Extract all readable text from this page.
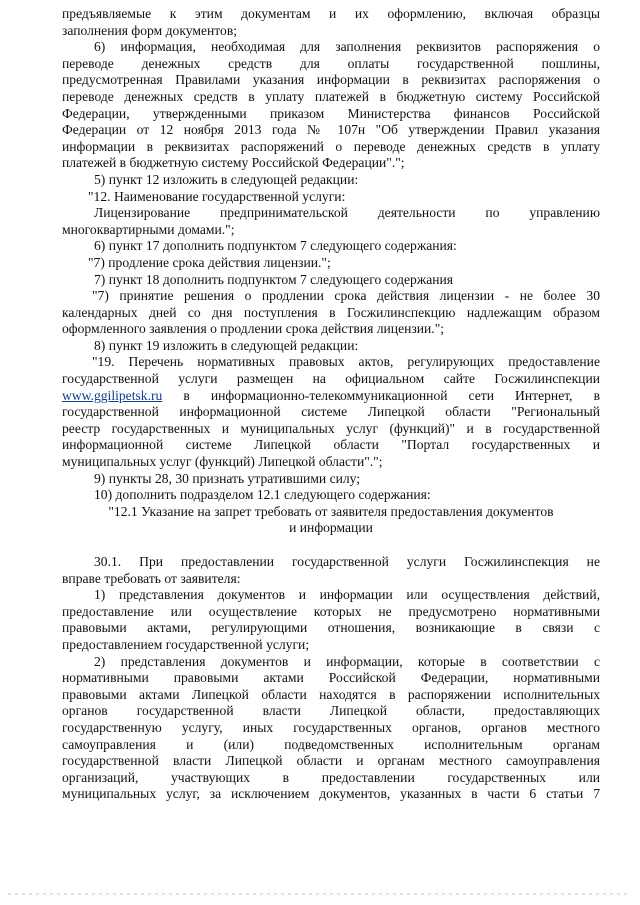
предъявляемые к этим документам и их оформлению, включая образцы
заполнения форм документов;

6) информация, необходимая для заполнения реквизитов распоряжения о
переводе денежных средств для оплаты государственной пошлины,
предусмотренная Правилами указания информации в реквизитах распоряжения о
переводе денежных средств в уплату платежей в бюджетную систему Российской
Федерации, утвержденными приказом Министерства финансов Российской
Федерации от 12 ноября 2013 года № 107н "Об утверждении Правил указания
информации в реквизитах распоряжений о переводе денежных средств в уплату
платежей в бюджетную систему Российской Федерации".";

5) пункт 12 изложить в следующей редакции:

"12. Наименование государственной услуги:

Лицензирование предпринимательской деятельности по управлению
многоквартирными домами.";

6) пункт 17 дополнить подпунктом 7 следующего содержания:

"7) продление срока действия лицензии.";

7) пункт 18 дополнить подпунктом 7 следующего содержания

"7) принятие решения о продлении срока действия лицензии - не более 30
календарных дней со дня поступления в Госжилинспекцию надлежащим образом
оформленного заявления о продлении срока действия лицензии.";

8) пункт 19 изложить в следующей редакции:

"19. Перечень нормативных правовых актов, регулирующих предоставление
государственной услуги размещен на официальном сайте Госжилинспекции
www.ggilipetsk.ru в информационно-телекоммуникационной сети Интернет, в
государственной информационной системе Липецкой области "Региональный
реестр государственных и муниципальных услуг (функций)" и в государственной
информационной системе Липецкой области "Портал государственных и
муниципальных услуг (функций) Липецкой области".";

9) пункты 28, 30 признать утратившими силу;

10) дополнить подразделом 12.1 следующего содержания:

"12.1 Указание на запрет требовать от заявителя предоставления документов
и информации

30.1. При предоставлении государственной услуги Госжилинспекция не
вправе требовать от заявителя:

1) представления документов и информации или осуществления действий,
предоставление или осуществление которых не предусмотрено нормативными
правовыми актами, регулирующими отношения, возникающие в связи с
предоставлением государственной услуги;

2) представления документов и информации, которые в соответствии с
нормативными правовыми актами Российской Федерации, нормативными
правовыми актами Липецкой области находятся в распоряжении исполнительных
органов государственной власти Липецкой области, предоставляющих
государственную услугу, иных государственных органов, органов местного
самоуправления и (или) подведомственных исполнительным органам
государственной власти Липецкой области и органам местного самоуправления
организаций, участвующих в предоставлении государственных или
муниципальных услуг, за исключением документов, указанных в части 6 статьи 7
